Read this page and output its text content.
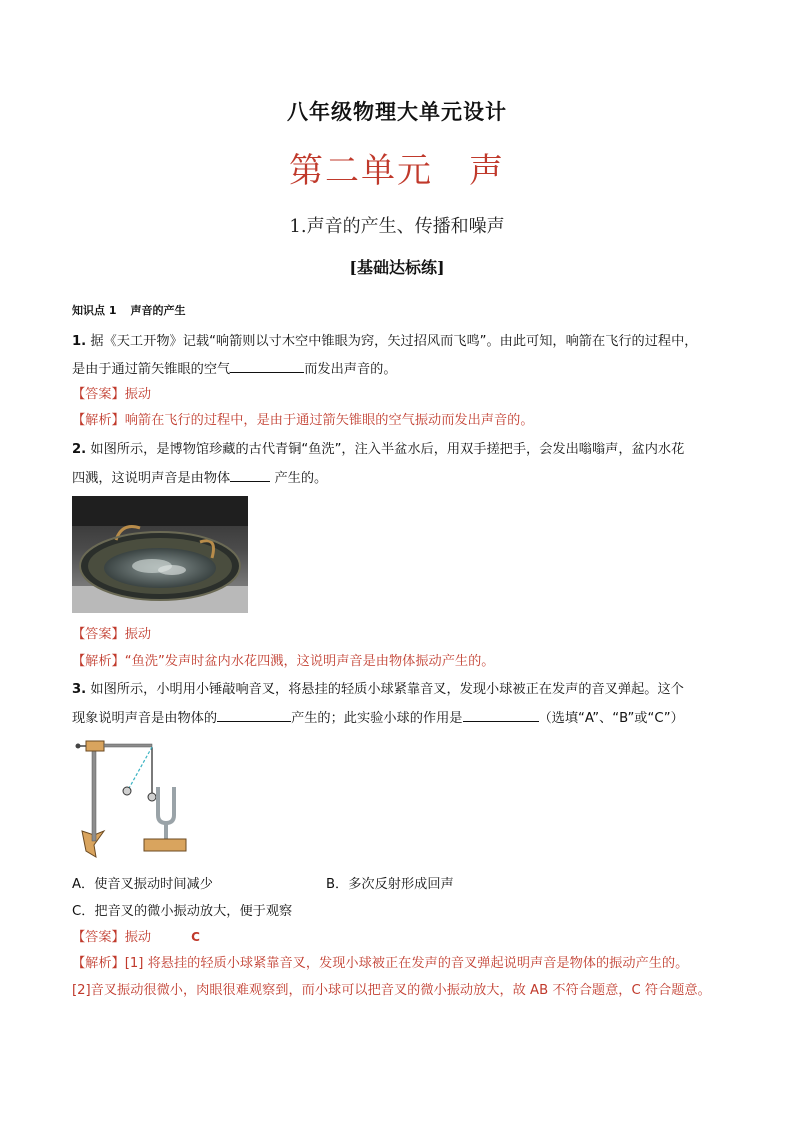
八年级物理大单元设计
第二单元 声
1.声音的产生、传播和噪声
[基础达标练]
知识点 1 声音的产生
1. 据《天工开物》记载“响箭则以寸木空中锥眼为窍，矢过招风而飞鸣”。由此可知，响箭在飞行的过程中，
是由于通过箭矢锥眼的空气	而发出声音的。
【答案】振动
【解析】响箭在飞行的过程中，是由于通过箭矢锥眼的空气振动而发出声音的。
2. 如图所示，是博物馆珍藏的古代青铜“鱼洗”，注入半盆水后，用双手搓把手，会发出嗡嗡声，盆内水花
四溅，这说明声音是由物体	产生的。
【答案】振动
【解析】“鱼洗”发声时盆内水花四溅，这说明声音是由物体振动产生的。
3. 如图所示，小明用小锤敲响音叉，将悬挂的轻质小球紧靠音叉，发现小球被正在发声的音叉弹起。这个
现象说明声音是由物体的	产生的；此实验小球的作用是	（选填“A”、“B”或“C”）
A．使音叉振动时间减少	B．多次反射形成回声
C．把音叉的微小振动放大，便于观察
【答案】振动	C
【解析】[1] 将悬挂的轻质小球紧靠音叉，发现小球被正在发声的音叉弹起说明声音是物体的振动产生的。
[2]音叉振动很微小，肉眼很难观察到，而小球可以把音叉的微小振动放大，故 AB 不符合题意，C 符合题意。
